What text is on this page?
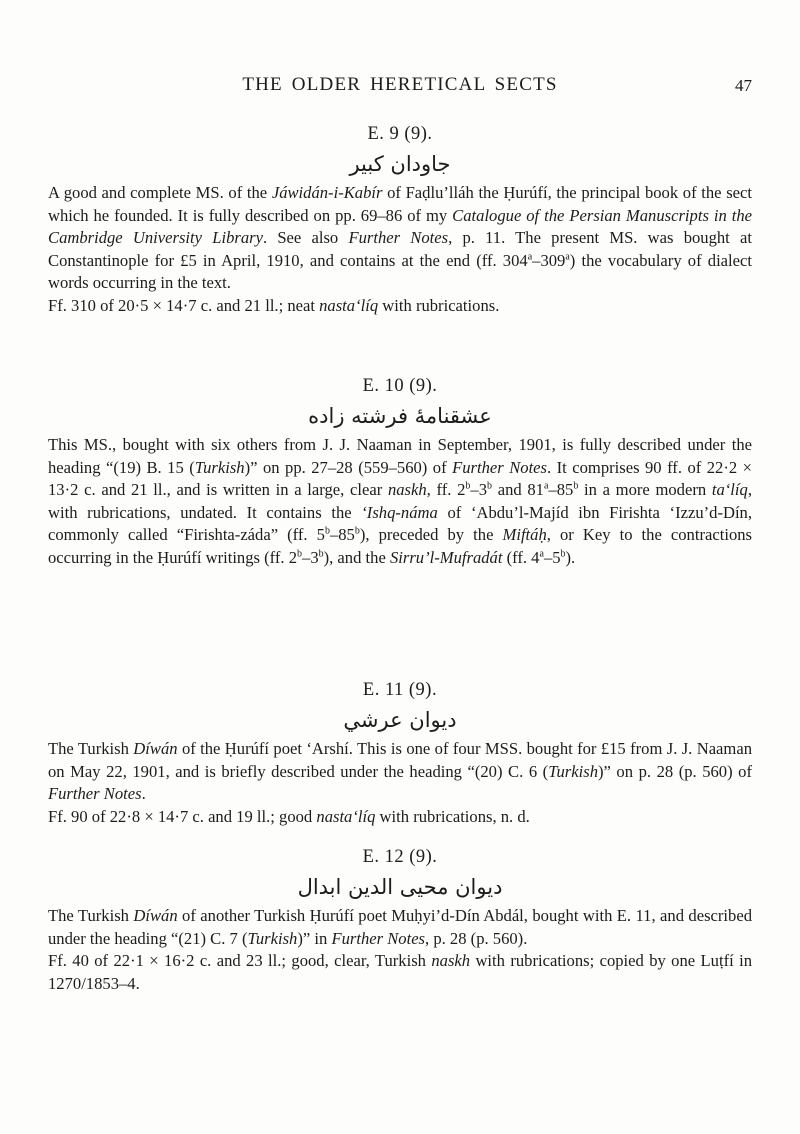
THE OLDER HERETICAL SECTS	47
E. 9 (9).
جاودان كبير

A good and complete MS. of the Jáwidán-i-Kabír of Faḍlu’lláh the Ḥurúfí, the principal book of the sect which he founded. It is fully described on pp. 69–86 of my Catalogue of the Persian Manuscripts in the Cambridge University Library. See also Further Notes, p. 11. The present MS. was bought at Constantinople for £5 in April, 1910, and contains at the end (ff. 304$^a$–309$^a$) the vocabulary of dialect words occurring in the text.

Ff. 310 of 20·5 × 14·7 c. and 21 ll.; neat nasta‘líq with rubrications.

E. 10 (9).
عشقنامهٔ فرشته زاده

This MS., bought with six others from J. J. Naaman in September, 1901, is fully described under the heading “(19) B. 15 (Turkish)” on pp. 27–28 (559–560) of Further Notes. It comprises 90 ff. of 22·2 × 13·2 c. and 21 ll., and is written in a large, clear naskh, ff. 2$^b$–3$^b$ and 81$^a$–85$^b$ in a more modern ta‘líq, with rubrications, undated. It contains the ‘Ishq-náma of ‘Abdu’l-Majíd ibn Firishta ‘Izzu’d-Dín, commonly called “Firishta-záda” (ff. 5$^b$–85$^b$), preceded by the Miftáḥ, or Key to the contractions occurring in the Ḥurúfí writings (ff. 2$^b$–3$^b$), and the Sirru’l-Mufradát (ff. 4$^a$–5$^b$).

E. 11 (9).
ديوان عرشي

The Turkish Díwán of the Ḥurúfí poet ‘Arshí. This is one of four MSS. bought for £15 from J. J. Naaman on May 22, 1901, and is briefly described under the heading “(20) C. 6 (Turkish)” on p. 28 (p. 560) of Further Notes.

Ff. 90 of 22·8 × 14·7 c. and 19 ll.; good nasta‘líq with rubrications, n. d.

E. 12 (9).
ديوان محيى الدين ابدال

The Turkish Díwán of another Turkish Ḥurúfí poet Muḥyi’d-Dín Abdál, bought with E. 11, and described under the heading “(21) C. 7 (Turkish)” in Further Notes, p. 28 (p. 560).

Ff. 40 of 22·1 × 16·2 c. and 23 ll.; good, clear, Turkish naskh with rubrications; copied by one Luṭfí in 1270/1853–4.
